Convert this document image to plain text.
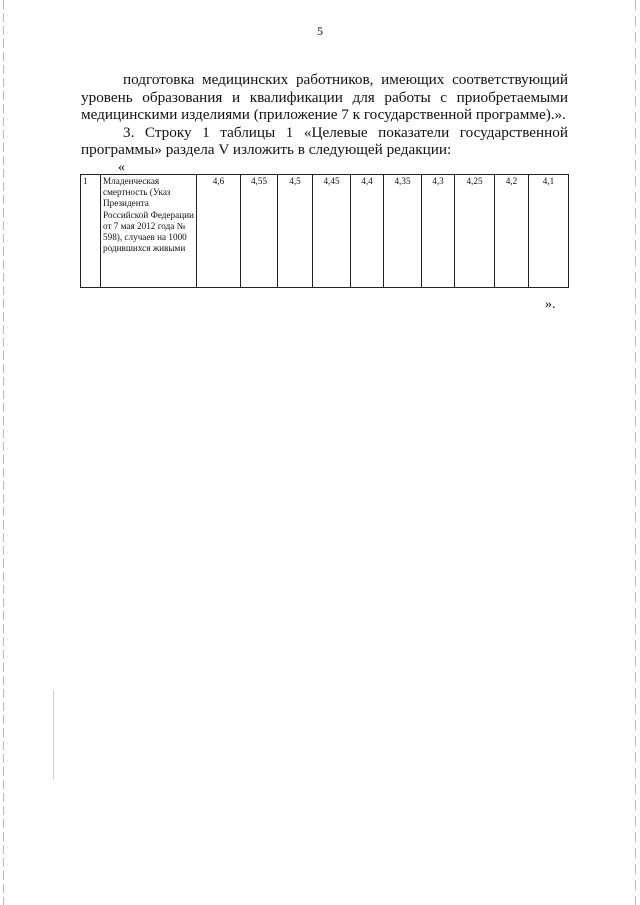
5

подготовка медицинских работников, имеющих соответствующий
уровень образования и квалификации для работы с приобретаемыми
медицинскими изделиями (приложение 7 к государственной программе).».

3. Строку 1 таблицы 1 «Целевые показатели государственной
программы» раздела V изложить в следующей редакции:

«
1	Младенческая смертность (Указ Президента Российской Федерации от 7 мая 2012 года № 598), случаев на 1000 родившихся живыми	4,6	4,55	4,5	4,45	4,4	4,35	4,3	4,25	4,2	4,1
».
